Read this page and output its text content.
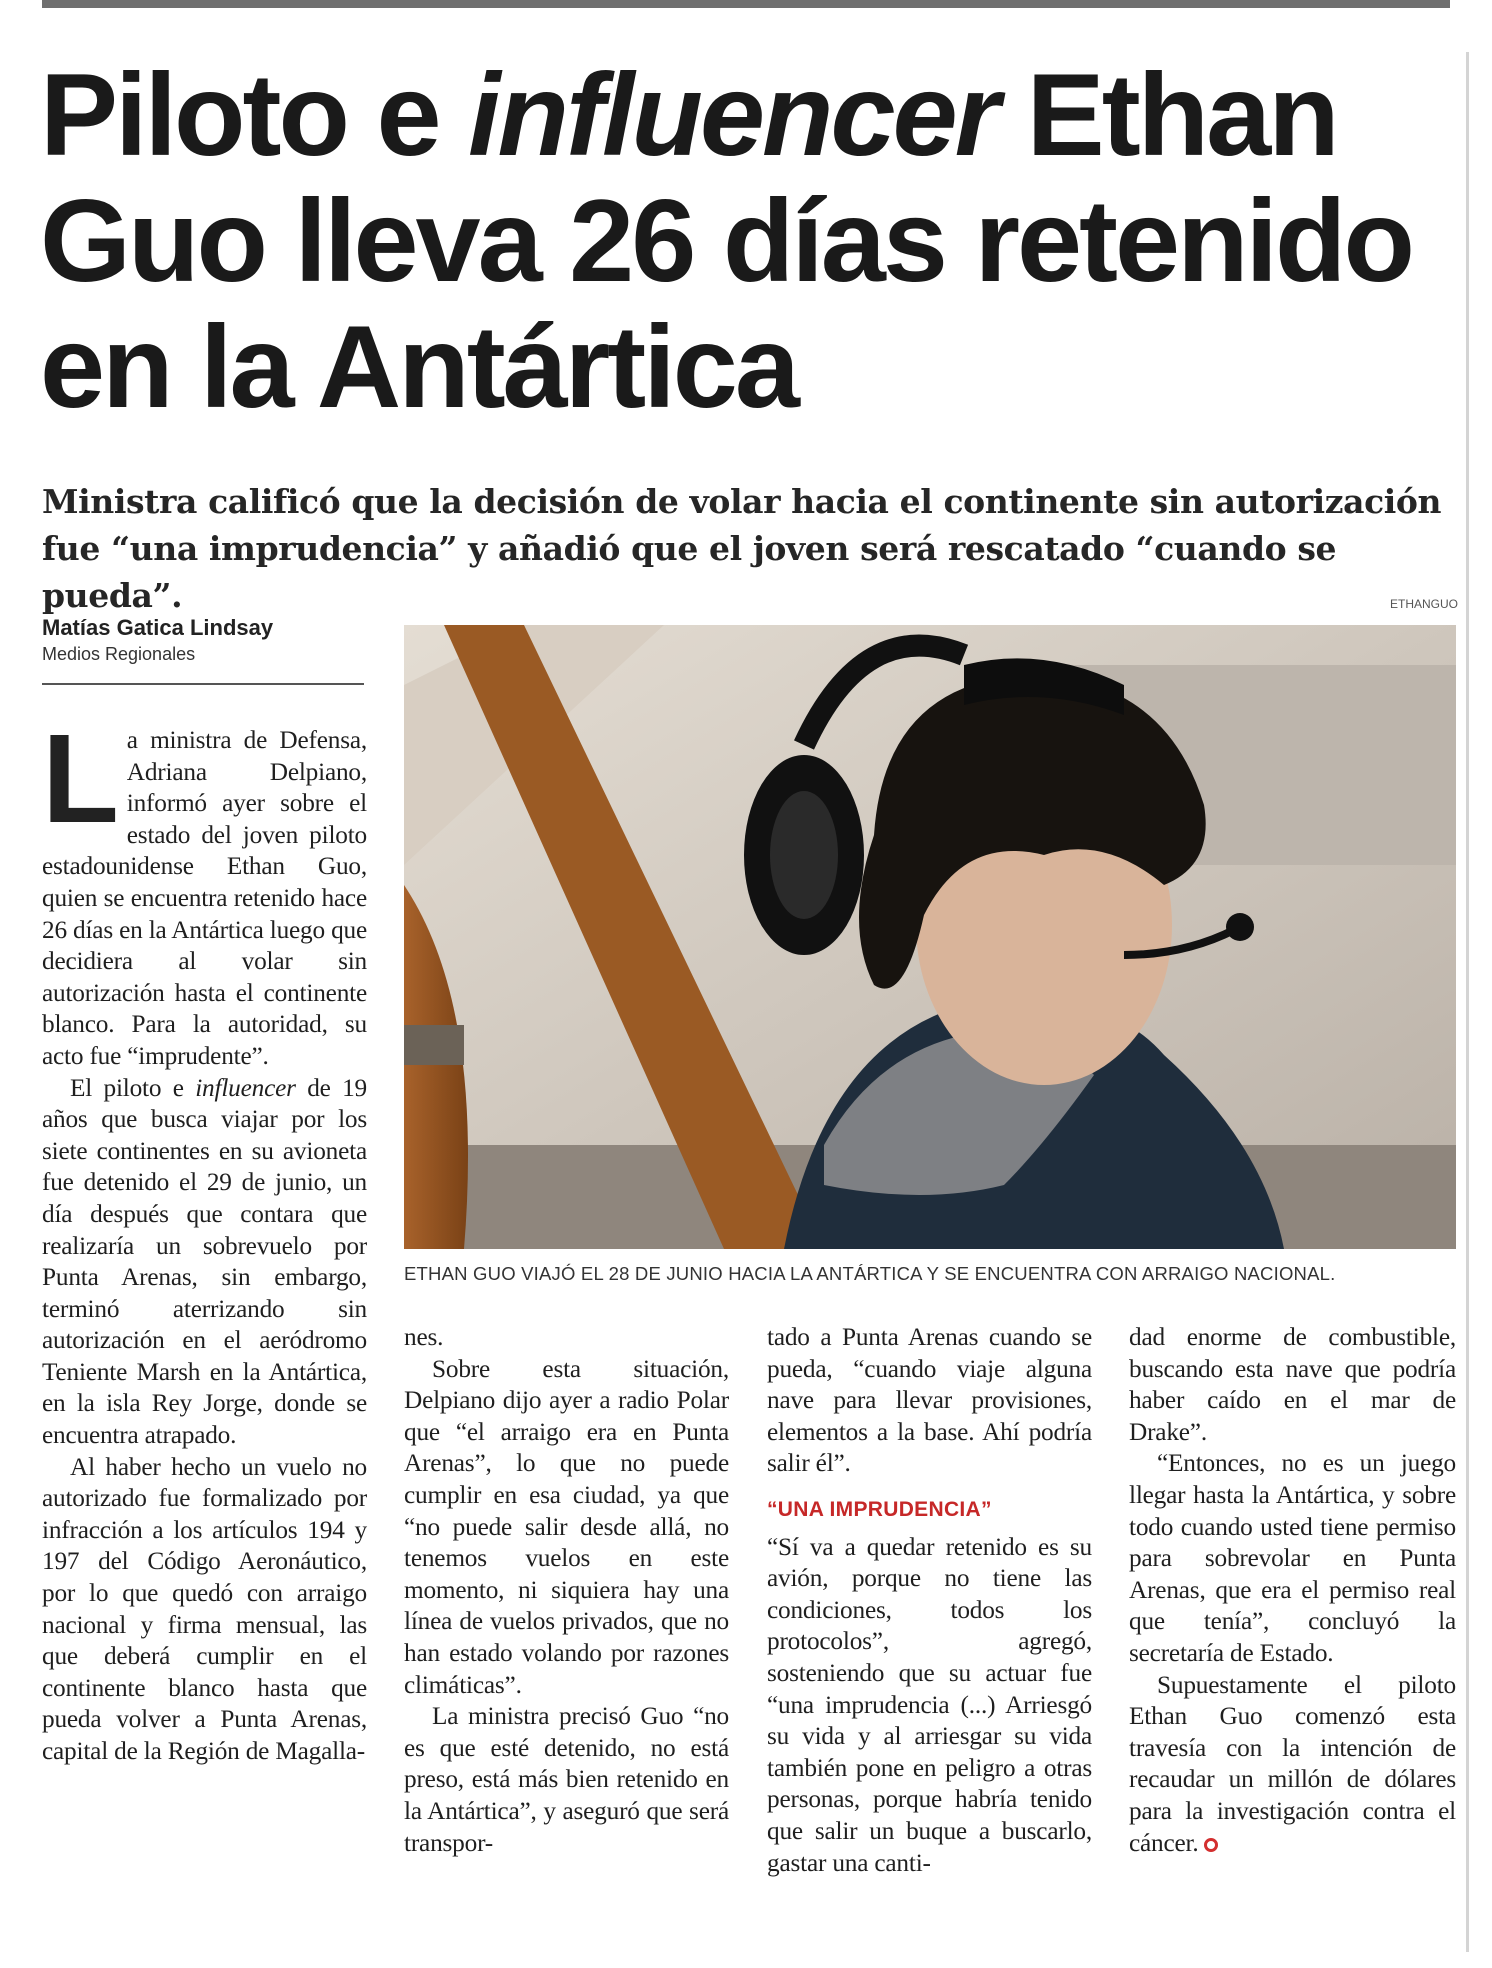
Piloto e influencer Ethan Guo lleva 26 días retenido en la Antártica

Ministra calificó que la decisión de volar hacia el continente sin autorización fue “una imprudencia” y añadió que el joven será rescatado “cuando se pueda”.	ETHANGUO
Matías Gatica Lindsay
Medios Regionales
ETHAN GUO VIAJÓ EL 28 DE JUNIO HACIA LA ANTÁRTICA Y SE ENCUENTRA CON ARRAIGO NACIONAL.

La ministra de Defensa, Adriana Delpiano, informó ayer sobre el estado del joven piloto estadounidense Ethan Guo, quien se encuentra retenido hace 26 días en la Antártica luego que decidiera al volar sin autorización hasta el continente blanco. Para la autoridad, su acto fue “imprudente”.

El piloto e influencer de 19 años que busca viajar por los siete continentes en su avioneta fue detenido el 29 de junio, un día después que contara que realizaría un sobrevuelo por Punta Arenas, sin embargo, terminó aterrizando sin autorización en el aeródromo Teniente Marsh en la Antártica, en la isla Rey Jorge, donde se encuentra atrapado.

Al haber hecho un vuelo no autorizado fue formalizado por infracción a los artículos 194 y 197 del Código Aeronáutico, por lo que quedó con arraigo nacional y firma mensual, las que deberá cumplir en el continente blanco hasta que pueda volver a Punta Arenas, capital de la Región de Magalla-

nes.

Sobre esta situación, Delpiano dijo ayer a radio Polar que “el arraigo era en Punta Arenas”, lo que no puede cumplir en esa ciudad, ya que “no puede salir desde allá, no tenemos vuelos en este momento, ni siquiera hay una línea de vuelos privados, que no han estado volando por razones climáticas”.

La ministra precisó Guo “no es que esté detenido, no está preso, está más bien retenido en la Antártica”, y aseguró que será transpor-

tado a Punta Arenas cuando se pueda, “cuando viaje alguna nave para llevar provisiones, elementos a la base. Ahí podría salir él”.

“UNA IMPRUDENCIA”

“Sí va a quedar retenido es su avión, porque no tiene las condiciones, todos los protocolos”, agregó, sosteniendo que su actuar fue “una imprudencia (...) Arriesgó su vida y al arriesgar su vida también pone en peligro a otras personas, porque habría tenido que salir un buque a buscarlo, gastar una canti-

dad enorme de combustible, buscando esta nave que podría haber caído en el mar de Drake”.

“Entonces, no es un juego llegar hasta la Antártica, y sobre todo cuando usted tiene permiso para sobrevolar en Punta Arenas, que era el permiso real que tenía”, concluyó la secretaría de Estado.

Supuestamente el piloto Ethan Guo comenzó esta travesía con la intención de recaudar un millón de dólares para la investigación contra el cáncer.
